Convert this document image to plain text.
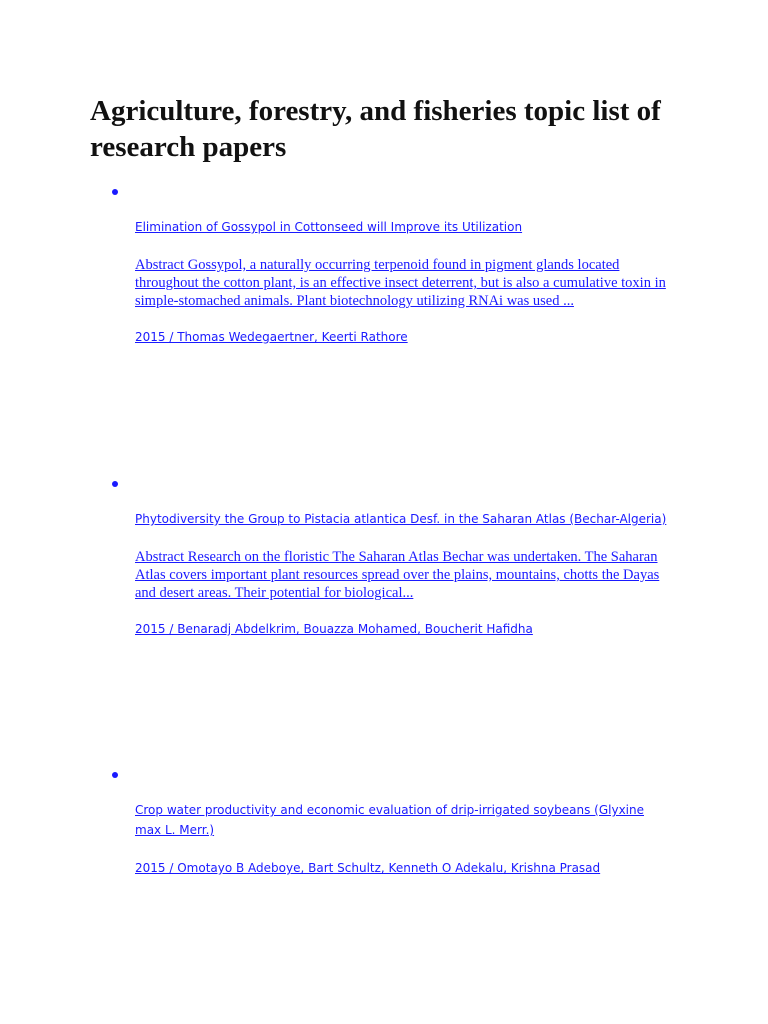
Agriculture, forestry, and fisheries topic list of research papers
Elimination of Gossypol in Cottonseed will Improve its Utilization
Abstract Gossypol, a naturally occurring terpenoid found in pigment glands located throughout the cotton plant, is an effective insect deterrent, but is also a cumulative toxin in simple-stomached animals. Plant biotechnology utilizing RNAi was used ...
2015 / Thomas Wedegaertner, Keerti Rathore
Phytodiversity the Group to Pistacia atlantica Desf. in the Saharan Atlas (Bechar-Algeria)
Abstract Research on the floristic The Saharan Atlas Bechar was undertaken. The Saharan Atlas covers important plant resources spread over the plains, mountains, chotts the Dayas and desert areas. Their potential for biological...
2015 / Benaradj Abdelkrim, Bouazza Mohamed, Boucherit Hafidha
Crop water productivity and economic evaluation of drip-irrigated soybeans (Glyxine max L. Merr.)
2015 / Omotayo B Adeboye, Bart Schultz, Kenneth O Adekalu, Krishna Prasad
